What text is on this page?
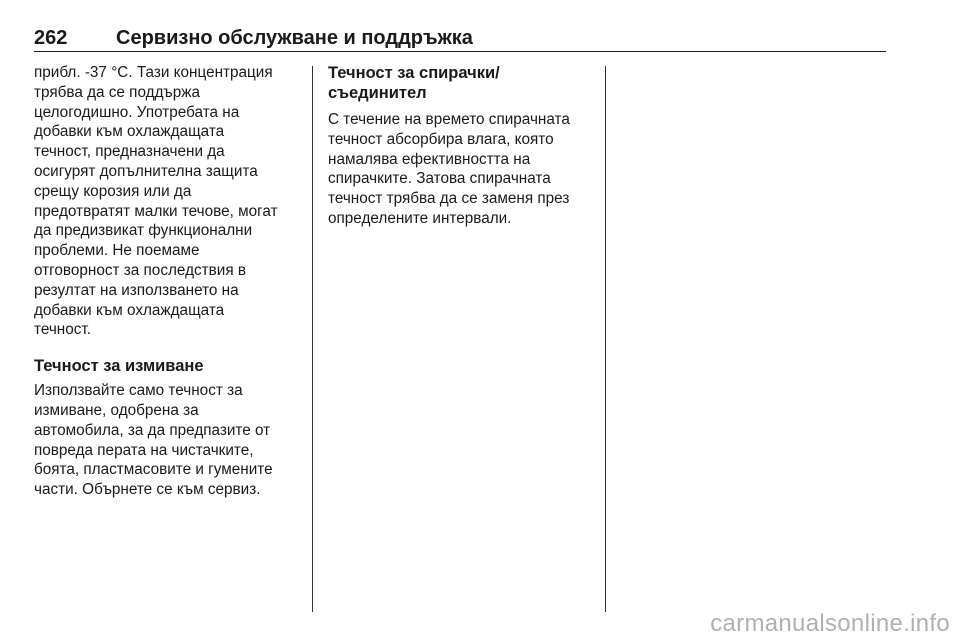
262 Сервизно обслужване и поддръжка

прибл. -37 °C. Тази концентрация
трябва да се поддържа
целогодишно. Употребата на
добавки към охлаждащата
течност, предназначени да
осигурят допълнителна защита
срещу корозия или да
предотвратят малки течове, могат
да предизвикат функционални
проблеми. Не поемаме
отговорност за последствия в
резултат на използването на
добавки към охлаждащата
течност.

Течност за измиване

Използвайте само течност за
измиване, одобрена за
автомобила, за да предпазите от
повреда перата на чистачките,
боята, пластмасовите и гумените
части. Обърнете се към сервиз.

Течност за спирачки/
съединител

С течение на времето спирачната
течност абсорбира влага, която
намалява ефективността на
спирачките. Затова спирачната
течност трябва да се заменя през
определените интервали.

carmanualsonline.info
